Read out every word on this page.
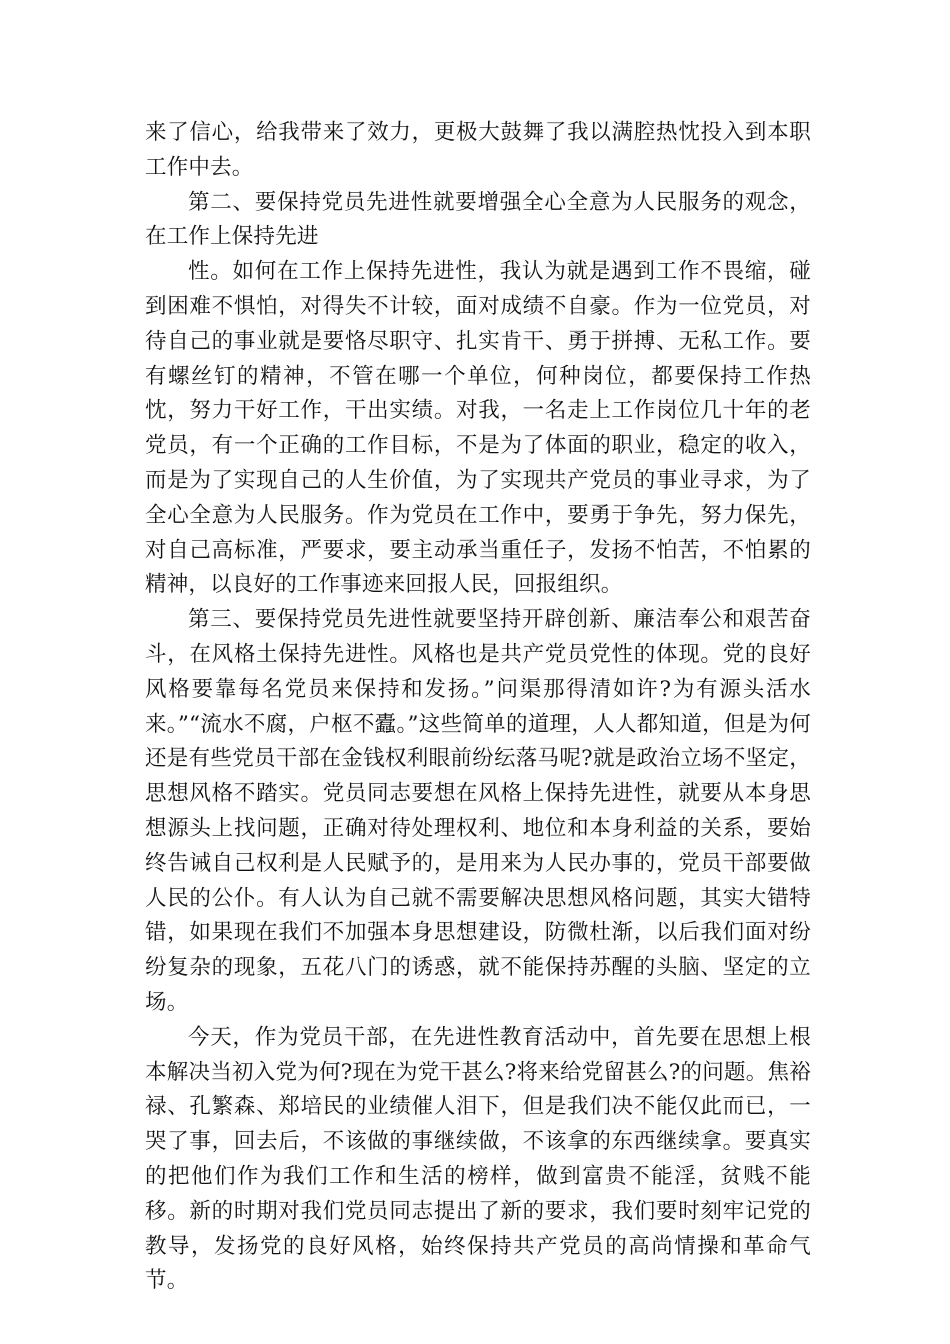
来了信心，给我带来了效力，更极大鼓舞了我以满腔热忱投入到本职工作中去。

第二、要保持党员先进性就要增强全心全意为人民服务的观念，在工作上保持先进

性。如何在工作上保持先进性，我认为就是遇到工作不畏缩，碰到困难不惧怕，对得失不计较，面对成绩不自豪。作为一位党员，对待自己的事业就是要恪尽职守、扎实肯干、勇于拼搏、无私工作。要有螺丝钉的精神，不管在哪一个单位，何种岗位，都要保持工作热忱，努力干好工作，干出实绩。对我，一名走上工作岗位几十年的老党员，有一个正确的工作目标，不是为了体面的职业，稳定的收入，而是为了实现自己的人生价值，为了实现共产党员的事业寻求，为了全心全意为人民服务。作为党员在工作中，要勇于争先，努力保先，对自己高标准，严要求，要主动承当重任子，发扬不怕苦，不怕累的精神，以良好的工作事迹来回报人民，回报组织。

第三、要保持党员先进性就要坚持开辟创新、廉洁奉公和艰苦奋斗，在风格土保持先进性。风格也是共产党员党性的体现。党的良好风格要靠每名党员来保持和发扬。”问渠那得清如许?为有源头活水来。”“流水不腐，户枢不蠹。”这些简单的道理，人人都知道，但是为何还是有些党员干部在金钱权利眼前纷纭落马呢?就是政治立场不坚定，思想风格不踏实。党员同志要想在风格上保持先进性，就要从本身思想源头上找问题，正确对待处理权利、地位和本身利益的关系，要始终告诫自己权利是人民赋予的，是用来为人民办事的，党员干部要做人民的公仆。有人认为自己就不需要解决思想风格问题，其实大错特错，如果现在我们不加强本身思想建设，防微杜渐，以后我们面对纷纷复杂的现象，五花八门的诱惑，就不能保持苏醒的头脑、坚定的立场。

今天，作为党员干部，在先进性教育活动中，首先要在思想上根本解决当初入党为何?现在为党干甚么?将来给党留甚么?的问题。焦裕禄、孔繁森、郑培民的业绩催人泪下，但是我们决不能仅此而已，一哭了事，回去后，不该做的事继续做，不该拿的东西继续拿。要真实的把他们作为我们工作和生活的榜样，做到富贵不能淫，贫贱不能移。新的时期对我们党员同志提出了新的要求，我们要时刻牢记党的教导，发扬党的良好风格，始终保持共产党员的高尚情操和革命气节。
